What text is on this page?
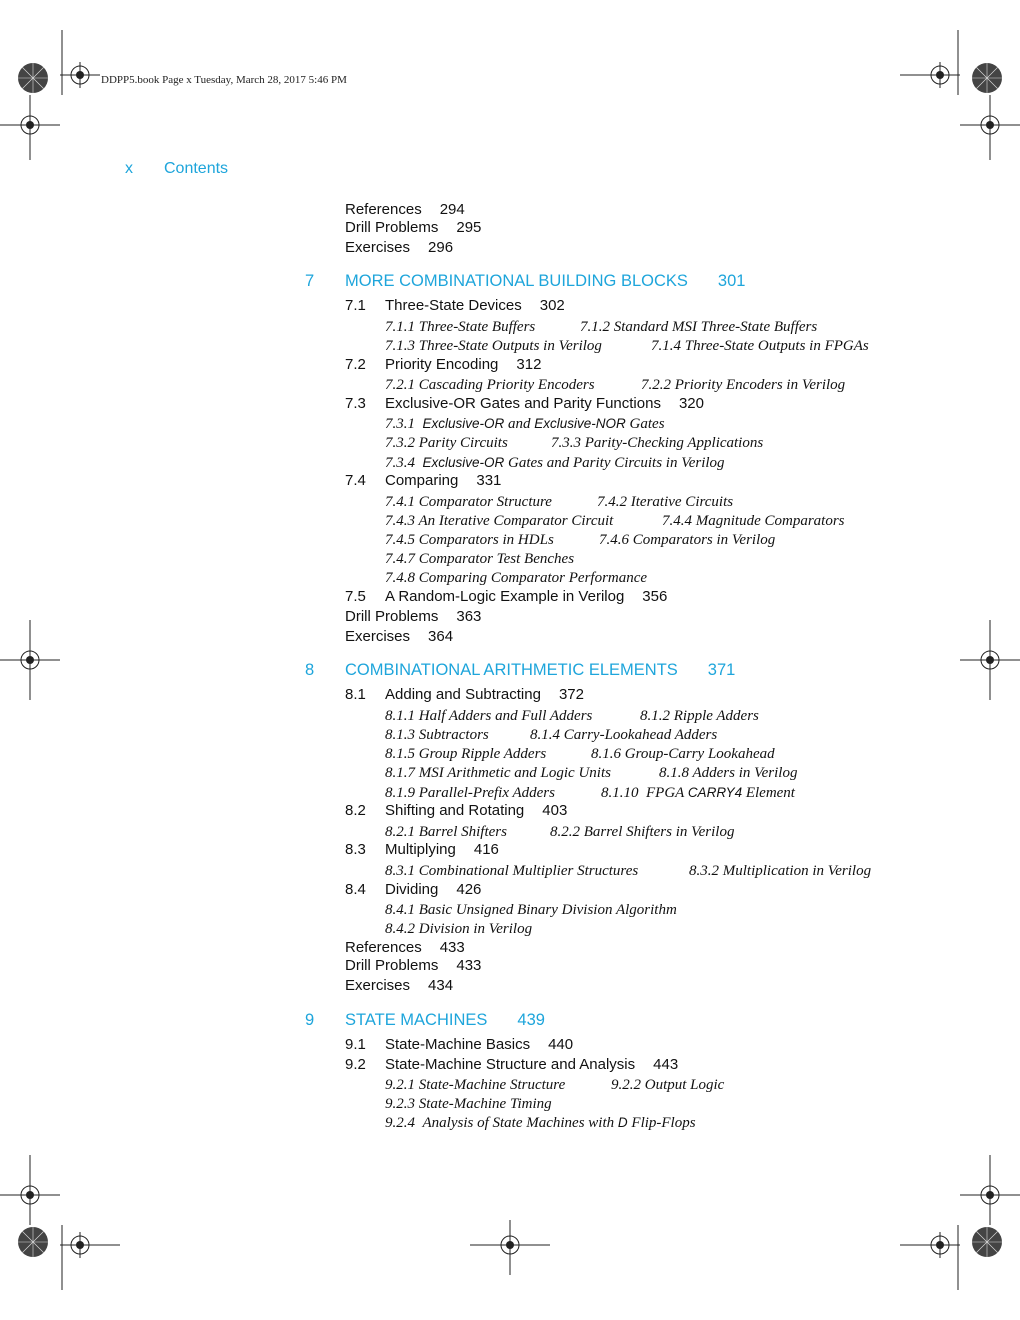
DDPP5.book Page x Tuesday, March 28, 2017 5:46 PM
x Contents
References 294
Drill Problems 295
Exercises 296
7 MORE COMBINATIONAL BUILDING BLOCKS 301
7.1 Three-State Devices 302
7.1.1 Three-State Buffers	7.1.2 Standard MSI Three-State Buffers
7.1.3 Three-State Outputs in Verilog	7.1.4 Three-State Outputs in FPGAs
7.2 Priority Encoding 312
7.2.1 Cascading Priority Encoders	7.2.2 Priority Encoders in Verilog
7.3 Exclusive-OR Gates and Parity Functions 320
7.3.1 Exclusive-OR and Exclusive-NOR Gates
7.3.2 Parity Circuits	7.3.3 Parity-Checking Applications
7.3.4 Exclusive-OR Gates and Parity Circuits in Verilog
7.4 Comparing 331
7.4.1 Comparator Structure	7.4.2 Iterative Circuits
7.4.3 An Iterative Comparator Circuit	7.4.4 Magnitude Comparators
7.4.5 Comparators in HDLs	7.4.6 Comparators in Verilog
7.4.7 Comparator Test Benches
7.4.8 Comparing Comparator Performance
7.5 A Random-Logic Example in Verilog 356
Drill Problems 363
Exercises 364
8 COMBINATIONAL ARITHMETIC ELEMENTS 371
8.1 Adding and Subtracting 372
8.1.1 Half Adders and Full Adders	8.1.2 Ripple Adders
8.1.3 Subtractors	8.1.4 Carry-Lookahead Adders
8.1.5 Group Ripple Adders	8.1.6 Group-Carry Lookahead
8.1.7 MSI Arithmetic and Logic Units	8.1.8 Adders in Verilog
8.1.9 Parallel-Prefix Adders	8.1.10 FPGA CARRY4 Element
8.2 Shifting and Rotating 403
8.2.1 Barrel Shifters	8.2.2 Barrel Shifters in Verilog
8.3 Multiplying 416
8.3.1 Combinational Multiplier Structures	8.3.2 Multiplication in Verilog
8.4 Dividing 426
8.4.1 Basic Unsigned Binary Division Algorithm
8.4.2 Division in Verilog
References 433
Drill Problems 433
Exercises 434
9 STATE MACHINES 439
9.1 State-Machine Basics 440
9.2 State-Machine Structure and Analysis 443
9.2.1 State-Machine Structure	9.2.2 Output Logic
9.2.3 State-Machine Timing
9.2.4 Analysis of State Machines with D Flip-Flops
